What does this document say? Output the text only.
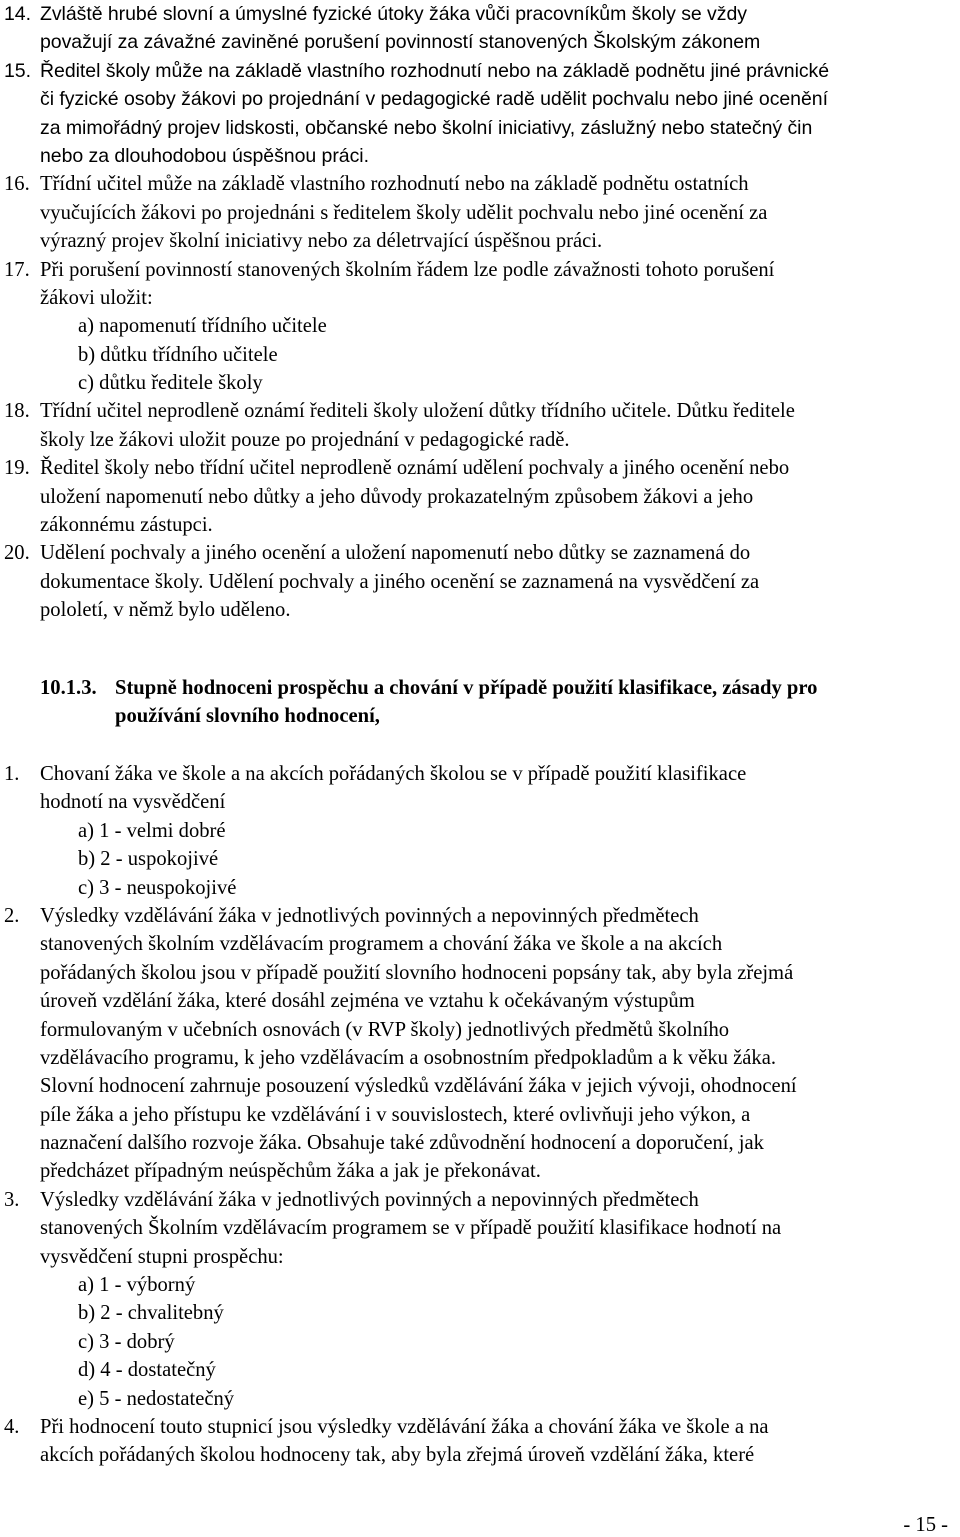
14. Zvláště hrubé slovní a úmyslné fyzické útoky žáka vůči pracovníkům školy se vždy
považují za závažné zaviněné porušení povinností stanovených Školským zákonem
15. Ředitel školy může na základě vlastního rozhodnutí nebo na základě podnětu jiné právnické
či fyzické osoby žákovi po projednání v pedagogické radě udělit pochvalu nebo jiné ocenění
za mimořádný projev lidskosti, občanské nebo školní iniciativy, záslužný nebo statečný čin
nebo za dlouhodobou úspěšnou práci.
16. Třídní učitel může na základě vlastního rozhodnutí nebo na základě podnětu ostatních
vyučujících žákovi po projednáni s ředitelem školy udělit pochvalu nebo jiné ocenění za
výrazný projev školní iniciativy nebo za déletrvající úspěšnou práci.
17. Při porušení povinností stanovených školním řádem lze podle závažnosti tohoto porušení
žákovi uložit:
a) napomenutí třídního učitele
b) důtku třídního učitele
c) důtku ředitele školy
18. Třídní učitel neprodleně oznámí řediteli školy uložení důtky třídního učitele. Důtku ředitele
školy lze žákovi uložit pouze po projednání v pedagogické radě.
19. Ředitel školy nebo třídní učitel neprodleně oznámí udělení pochvaly a jiného ocenění nebo
uložení napomenutí nebo důtky a jeho důvody prokazatelným způsobem žákovi a jeho
zákonnému zástupci.
20. Udělení pochvaly a jiného ocenění a uložení napomenutí nebo důtky se zaznamená do
dokumentace školy. Udělení pochvaly a jiného ocenění se zaznamená na vysvědčení za
pololetí, v němž bylo uděleno.
10.1.3. Stupně hodnoceni prospěchu a chování v případě použití klasifikace, zásady pro
používání slovního hodnocení,
1. Chovaní žáka ve škole a na akcích pořádaných školou se v případě použití klasifikace
hodnotí na vysvědčení
a) 1 - velmi dobré
b) 2 - uspokojivé
c) 3 - neuspokojivé
2. Výsledky vzdělávání žáka v jednotlivých povinných a nepovinných předmětech
stanovených školním vzdělávacím programem a chování žáka ve škole a na akcích
pořádaných školou jsou v případě použití slovního hodnoceni popsány tak, aby byla zřejmá
úroveň vzdělání žáka, které dosáhl zejména ve vztahu k očekávaným výstupům
formulovaným v učebních osnovách (v RVP školy) jednotlivých předmětů školního
vzdělávacího programu, k jeho vzdělávacím a osobnostním předpokladům a k věku žáka.
Slovní hodnocení zahrnuje posouzení výsledků vzdělávání žáka v jejich vývoji, ohodnocení
píle žáka a jeho přístupu ke vzdělávání i v souvislostech, které ovlivňuji jeho výkon, a
naznačení dalšího rozvoje žáka. Obsahuje také zdůvodnění hodnocení a doporučení, jak
předcházet případným neúspěchům žáka a jak je překonávat.
3. Výsledky vzdělávání žáka v jednotlivých povinných a nepovinných předmětech
stanovených Školním vzdělávacím programem se v případě použití klasifikace hodnotí na
vysvědčení stupni prospěchu:
a) 1 - výborný
b) 2 - chvalitebný
c) 3 - dobrý
d) 4 - dostatečný
e) 5 - nedostatečný
4. Při hodnocení touto stupnicí jsou výsledky vzdělávání žáka a chování žáka ve škole a na
akcích pořádaných školou hodnoceny tak, aby byla zřejmá úroveň vzdělání žáka, které
- 15 -
